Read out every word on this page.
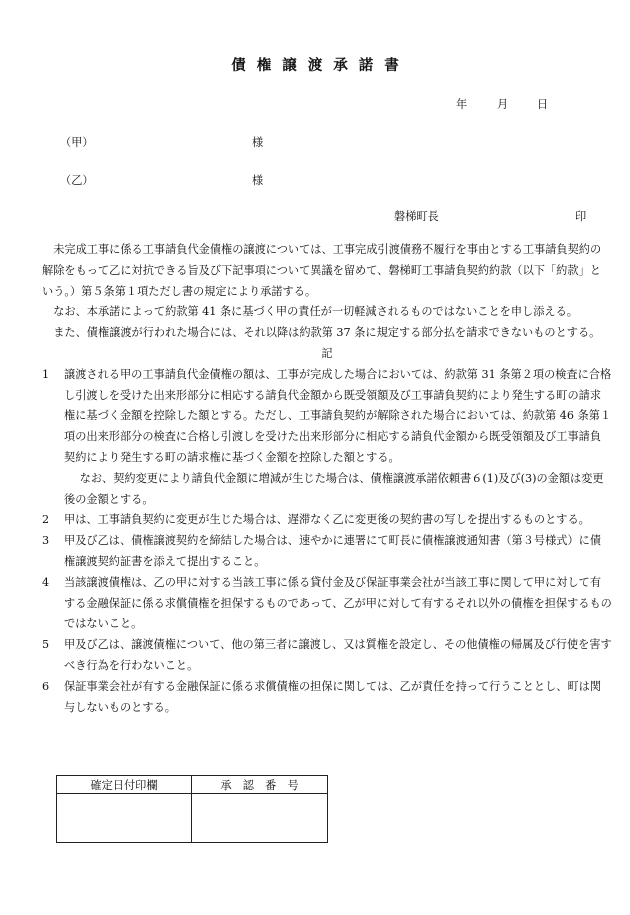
債権譲渡承諾書
年	月	日
（甲）	様
（乙）	様
磐梯町長	印

未完成工事に係る工事請負代金債権の譲渡については、工事完成引渡債務不履行を事由とする工事請負契約の解除をもって乙に対抗できる旨及び下記事項について異議を留めて、磐梯町工事請負契約約款（以下「約款」という。）第５条第１項ただし書の規定により承諾する。

なお、本承諾によって約款第 41 条に基づく甲の責任が一切軽減されるものではないことを申し添える。

また、債権譲渡が行われた場合には、それ以降は約款第 37 条に規定する部分払を請求できないものとする。

記

1	譲渡される甲の工事請負代金債権の額は、工事が完成した場合においては、約款第 31 条第２項の検査に合格し引渡しを受けた出来形部分に相応する請負代金額から既受領額及び工事請負契約により発生する町の請求権に基づく金額を控除した額とする。ただし、工事請負契約が解除された場合においては、約款第 46 条第１項の出来形部分の検査に合格し引渡しを受けた出来形部分に相応する請負代金額から既受領額及び工事請負契約により発生する町の請求権に基づく金額を控除した額とする。

なお、契約変更により請負代金額に増減が生じた場合は、債権譲渡承諾依頼書６(1)及び(3)の金額は変更後の金額とする。

2	甲は、工事請負契約に変更が生じた場合は、遅滞なく乙に変更後の契約書の写しを提出するものとする。
3	甲及び乙は、債権譲渡契約を締結した場合は、速やかに連署にて町長に債権譲渡通知書（第３号様式）に債権譲渡契約証書を添えて提出すること。
4	当該譲渡債権は、乙の甲に対する当該工事に係る貸付金及び保証事業会社が当該工事に関して甲に対して有する金融保証に係る求償債権を担保するものであって、乙が甲に対して有するそれ以外の債権を担保するものではないこと。
5	甲及び乙は、譲渡債権について、他の第三者に譲渡し、又は質権を設定し、その他債権の帰属及び行使を害すべき行為を行わないこと。
6	保証事業会社が有する金融保証に係る求償債権の担保に関しては、乙が責任を持って行うこととし、町は関与しないものとする。
確定日付印欄	承　認　番　号
